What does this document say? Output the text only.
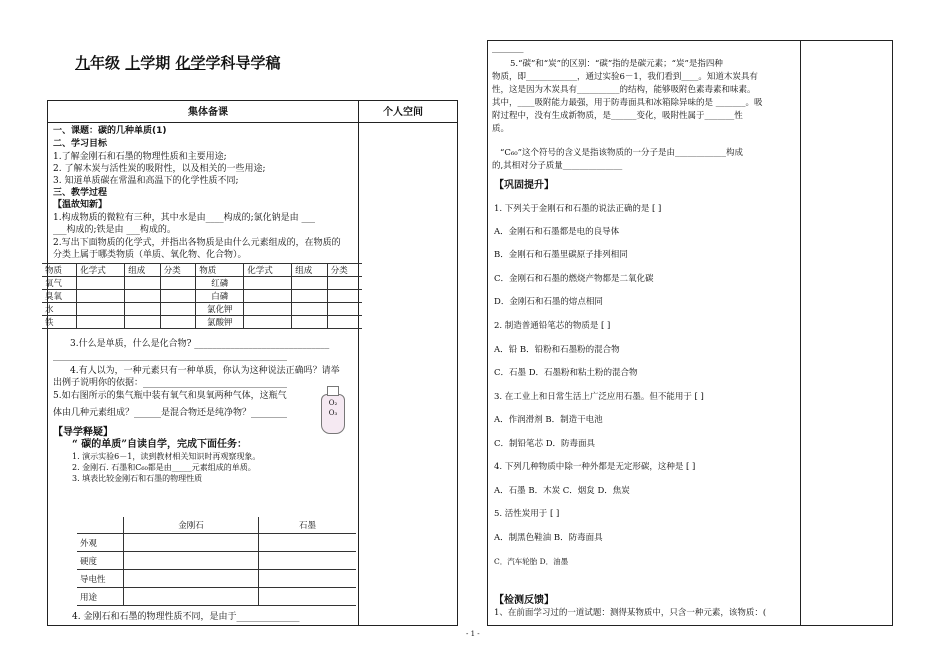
九年级 上学期 化学学科导学稿
集体备课	个人空间
一、课题：碳的几种单质(1)
二、学习目标
1.了解金刚石和石墨的物理性质和主要用途;
2. 了解木炭与活性炭的吸附性，以及相关的一些用途;
3. 知道单质碳在常温和高温下的化学性质不同;
三、教学过程
【温故知新】
1.构成物质的微粒有三种，其中水是由____构成的;氯化钠是由 ___
___构成的;铁是由 ___构成的。
2.写出下面物质的化学式，并指出各物质是由什么元素组成的，在物质的
分类上属于哪类物质（单质、氧化物、化合物）。
物质	化学式	组成	分类	物质	化学式	组成	分类
氧气				红磷			
臭氧				白磷			
水				氯化钾			
铁				氯酸钾			
3.什么是单质，什么是化合物? ______________________________
____________________________________________________
4.有人以为，一种元素只有一种单质，你认为这种说法正确吗？请举
出例子说明你的依据：________________________________
5.如右图所示的集气瓶中装有氧气和臭氧两种气体，这瓶气
体由几种元素组成？______是混合物还是纯净物？________
O₂
O₃
【导学释疑】
“ 碳的单质”自读自学，完成下面任务：
1. 演示实验6－1，读到教材相关知识时再观察现象。
2. 金刚石. 石墨和C₆₀都是由_____元素组成的单质。
3. 填表比较金刚石和石墨的物理性质
	金刚石	石墨
外观		
硬度		
导电性		
用途		
4. 金刚石和石墨的物理性质不同，是由于______________
_______
5.“碳”和“炭”的区别：“碳”指的是碳元素；“炭”是指四种
物质，即____________，通过实验6－1，我们看到____。知道木炭具有
性，这是因为木炭具有__________的结构，能够吸附色素毒素和味素。
其中，____吸附能力最强，用于防毒面具和冰箱除异味的是 _______。吸
附过程中，没有生成新物质，是______变化，吸附性属于_______性
质。
“C₆₀”这个符号的含义是指该物质的一分子是由____________构成
的,其相对分子质量______________
【巩固提升】
1. 下列关于金刚石和石墨的说法正确的是 [ ]
A．金刚石和石墨都是电的良导体
B．金刚石和石墨里碳原子排列相同
C．金刚石和石墨的燃烧产物都是二氧化碳
D．金刚石和石墨的熔点相同
2. 制造普通铅笔芯的物质是 [ ]
A．铅 B．铅粉和石墨粉的混合物
C．石墨 D．石墨粉和粘土粉的混合物
3. 在工业上和日常生活上广泛应用石墨。但不能用于 [ ]
A．作润滑剂 B．制造干电池
C．制铅笔芯 D．防毒面具
4. 下列几种物质中除一种外都是无定形碳，这种是 [ ]
A．石墨 B．木炭 C．烟炱 D．焦炭
5. 活性炭用于 [ ]
A．制黑色鞋油 B．防毒面具
C．汽车轮胎 D．油墨
【检测反馈】
1、在前面学习过的一道试题：测得某物质中，只含一种元素，该物质：(
- 1 -
